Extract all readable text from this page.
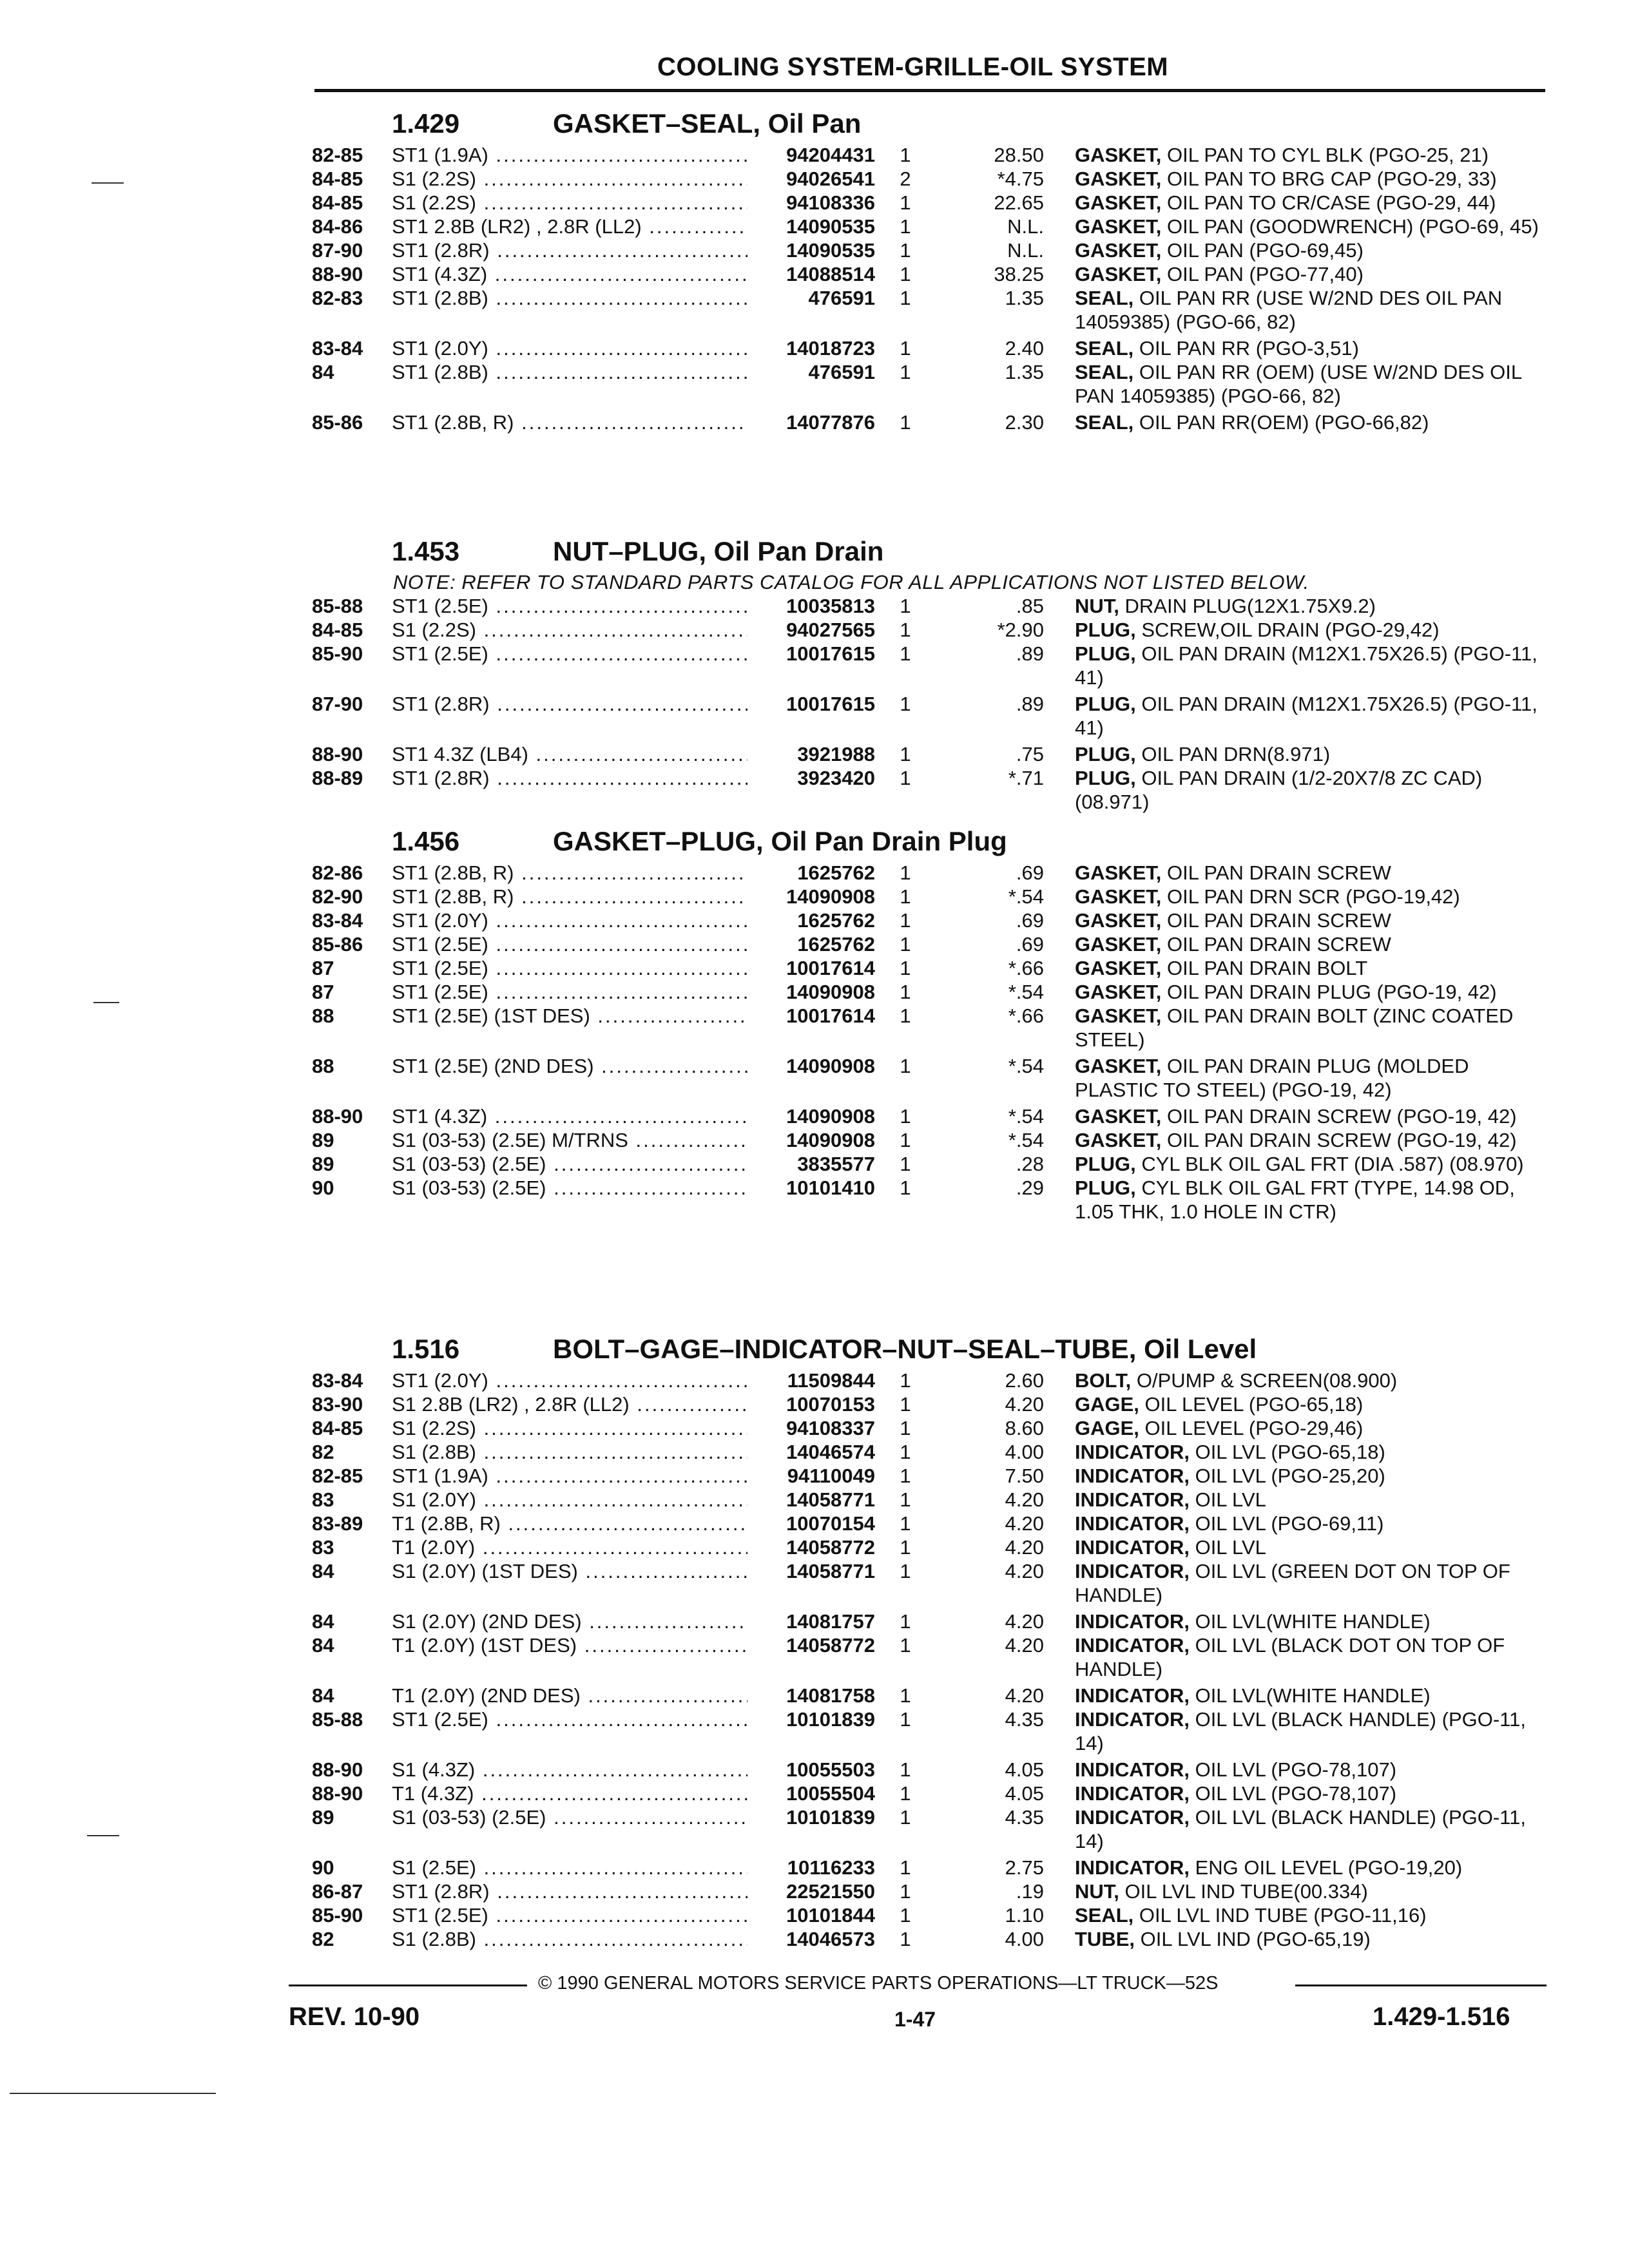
COOLING SYSTEM-GRILLE-OIL SYSTEM
1.429	GASKET–SEAL, Oil Pan
82-85 ST1 (1.9A) .....	94204431 1	28.50 GASKET, OIL PAN TO CYL BLK (PGO-25, 21)
84-85 S1 (2.2S) .....	94026541 2	*4.75 GASKET, OIL PAN TO BRG CAP (PGO-29, 33)
84-85 S1 (2.2S) .....	94108336 1	22.65 GASKET, OIL PAN TO CR/CASE (PGO-29, 44)
84-86 ST1 2.8B (LR2) , 2.8R (LL2) .....	14090535 1	N.L. GASKET, OIL PAN (GOODWRENCH) (PGO-69, 45)
87-90 ST1 (2.8R) .....	14090535 1	N.L. GASKET, OIL PAN (PGO-69,45)
88-90 ST1 (4.3Z) .....	14088514 1	38.25 GASKET, OIL PAN (PGO-77,40)
82-83 ST1 (2.8B) .....	476591 1	1.35 SEAL, OIL PAN RR (USE W/2ND DES OIL PAN 14059385) (PGO-66, 82)
83-84 ST1 (2.0Y) .....	14018723 1	2.40 SEAL, OIL PAN RR (PGO-3,51)
84	ST1 (2.8B) .....	476591 1	1.35 SEAL, OIL PAN RR (OEM) (USE W/2ND DES OIL PAN 14059385) (PGO-66, 82)
85-86 ST1 (2.8B, R) .....	14077876 1	2.30 SEAL, OIL PAN RR(OEM) (PGO-66,82)
1.453	NUT–PLUG, Oil Pan Drain
NOTE: REFER TO STANDARD PARTS CATALOG FOR ALL APPLICATIONS NOT LISTED BELOW.
85-88 ST1 (2.5E) .....	10035813 1	.85 NUT, DRAIN PLUG(12X1.75X9.2)
84-85 S1 (2.2S) .....	94027565 1	*2.90 PLUG, SCREW,OIL DRAIN (PGO-29,42)
85-90 ST1 (2.5E) .....	10017615 1	.89 PLUG, OIL PAN DRAIN (M12X1.75X26.5) (PGO-11, 41)
87-90 ST1 (2.8R) .....	10017615 1	.89 PLUG, OIL PAN DRAIN (M12X1.75X26.5) (PGO-11, 41)
88-90 ST1 4.3Z (LB4) .....	3921988 1	.75 PLUG, OIL PAN DRN(8.971)
88-89 ST1 (2.8R) .....	3923420 1	*.71 PLUG, OIL PAN DRAIN (1/2-20X7/8 ZC CAD) (08.971)
1.456	GASKET–PLUG, Oil Pan Drain Plug
82-86 ST1 (2.8B, R) .....	1625762 1	.69 GASKET, OIL PAN DRAIN SCREW
82-90 ST1 (2.8B, R) .....	14090908 1	*.54 GASKET, OIL PAN DRN SCR (PGO-19,42)
83-84 ST1 (2.0Y) .....	1625762 1	.69 GASKET, OIL PAN DRAIN SCREW
85-86 ST1 (2.5E) .....	1625762 1	.69 GASKET, OIL PAN DRAIN SCREW
87	ST1 (2.5E) .....	10017614 1	*.66 GASKET, OIL PAN DRAIN BOLT
87	ST1 (2.5E) .....	14090908 1	*.54 GASKET, OIL PAN DRAIN PLUG (PGO-19, 42)
88	ST1 (2.5E) (1ST DES) .....	10017614 1	*.66 GASKET, OIL PAN DRAIN BOLT (ZINC COATED STEEL)
88	ST1 (2.5E) (2ND DES) .....	14090908 1	*.54 GASKET, OIL PAN DRAIN PLUG (MOLDED PLASTIC TO STEEL) (PGO-19, 42)
88-90 ST1 (4.3Z) .....	14090908 1	*.54 GASKET, OIL PAN DRAIN SCREW (PGO-19, 42)
89	S1 (03-53) (2.5E) M/TRNS .....	14090908 1	*.54 GASKET, OIL PAN DRAIN SCREW (PGO-19, 42)
89	S1 (03-53) (2.5E) .....	3835577 1	.28 PLUG, CYL BLK OIL GAL FRT (DIA .587) (08.970)
90	S1 (03-53) (2.5E) .....	10101410 1	.29 PLUG, CYL BLK OIL GAL FRT (TYPE, 14.98 OD, 1.05 THK, 1.0 HOLE IN CTR)
1.516	BOLT–GAGE–INDICATOR–NUT–SEAL–TUBE, Oil Level
83-84 ST1 (2.0Y) .....	11509844 1	2.60 BOLT, O/PUMP & SCREEN(08.900)
83-90 S1 2.8B (LR2) , 2.8R (LL2) .....	10070153 1	4.20 GAGE, OIL LEVEL (PGO-65,18)
84-85 S1 (2.2S) .....	94108337 1	8.60 GAGE, OIL LEVEL (PGO-29,46)
82	S1 (2.8B) .....	14046574 1	4.00 INDICATOR, OIL LVL (PGO-65,18)
82-85 ST1 (1.9A) .....	94110049 1	7.50 INDICATOR, OIL LVL (PGO-25,20)
83	S1 (2.0Y) .....	14058771 1	4.20 INDICATOR, OIL LVL
83-89 T1 (2.8B, R) .....	10070154 1	4.20 INDICATOR, OIL LVL (PGO-69,11)
83	T1 (2.0Y) .....	14058772 1	4.20 INDICATOR, OIL LVL
84	S1 (2.0Y) (1ST DES) .....	14058771 1	4.20 INDICATOR, OIL LVL (GREEN DOT ON TOP OF HANDLE)
84	S1 (2.0Y) (2ND DES) .....	14081757 1	4.20 INDICATOR, OIL LVL(WHITE HANDLE)
84	T1 (2.0Y) (1ST DES) .....	14058772 1	4.20 INDICATOR, OIL LVL (BLACK DOT ON TOP OF HANDLE)
84	T1 (2.0Y) (2ND DES) .....	14081758 1	4.20 INDICATOR, OIL LVL(WHITE HANDLE)
85-88 ST1 (2.5E) .....	10101839 1	4.35 INDICATOR, OIL LVL (BLACK HANDLE) (PGO-11, 14)
88-90 S1 (4.3Z) .....	10055503 1	4.05 INDICATOR, OIL LVL (PGO-78,107)
88-90 T1 (4.3Z) .....	10055504 1	4.05 INDICATOR, OIL LVL (PGO-78,107)
89	S1 (03-53) (2.5E) .....	10101839 1	4.35 INDICATOR, OIL LVL (BLACK HANDLE) (PGO-11, 14)
90	S1 (2.5E) .....	10116233 1	2.75 INDICATOR, ENG OIL LEVEL (PGO-19,20)
86-87 ST1 (2.8R) .....	22521550 1	.19 NUT, OIL LVL IND TUBE(00.334)
85-90 ST1 (2.5E) .....	10101844 1	1.10 SEAL, OIL LVL IND TUBE (PGO-11,16)
82	S1 (2.8B) .....	14046573 1	4.00 TUBE, OIL LVL IND (PGO-65,19)
© 1990 GENERAL MOTORS SERVICE PARTS OPERATIONS—LT TRUCK—52S
REV. 10-90	1-47	1.429-1.516
